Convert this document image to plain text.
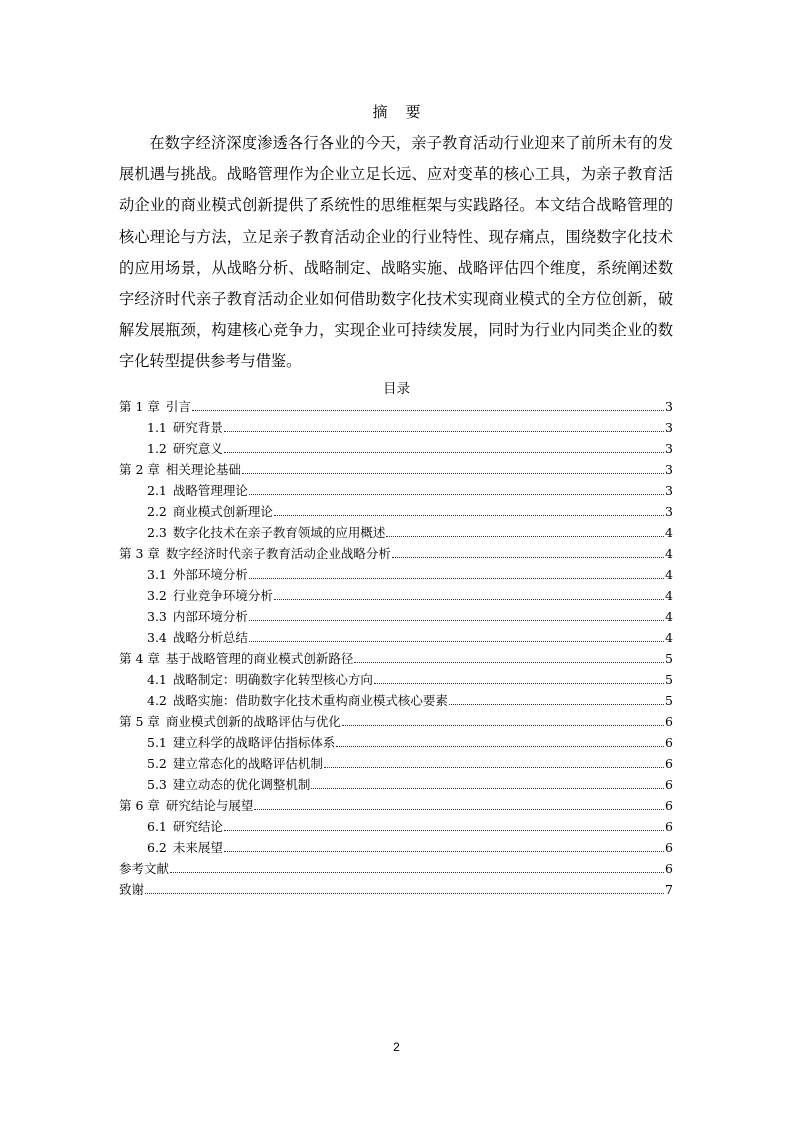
摘 要

在数字经济深度渗透各行各业的今天，亲子教育活动行业迎来了前所未有的发展机遇与挑战。战略管理作为企业立足长远、应对变革的核心工具，为亲子教育活动企业的商业模式创新提供了系统性的思维框架与实践路径。本文结合战略管理的核心理论与方法，立足亲子教育活动企业的行业特性、现存痛点，围绕数字化技术的应用场景，从战略分析、战略制定、战略实施、战略评估四个维度，系统阐述数字经济时代亲子教育活动企业如何借助数字化技术实现商业模式的全方位创新，破解发展瓶颈，构建核心竞争力，实现企业可持续发展，同时为行业内同类企业的数字化转型提供参考与借鉴。

目录
第 1 章 引言	3
1.1 研究背景	3
1.2 研究意义	3
第 2 章 相关理论基础	3
2.1 战略管理理论	3
2.2 商业模式创新理论	3
2.3 数字化技术在亲子教育领域的应用概述	4
第 3 章 数字经济时代亲子教育活动企业战略分析	4
3.1 外部环境分析	4
3.2 行业竞争环境分析	4
3.3 内部环境分析	4
3.4 战略分析总结	4
第 4 章 基于战略管理的商业模式创新路径	5
4.1 战略制定：明确数字化转型核心方向	5
4.2 战略实施：借助数字化技术重构商业模式核心要素	5
第 5 章 商业模式创新的战略评估与优化	6
5.1 建立科学的战略评估指标体系	6
5.2 建立常态化的战略评估机制	6
5.3 建立动态的优化调整机制	6
第 6 章 研究结论与展望	6
6.1 研究结论	6
6.2 未来展望	6
参考文献	6
致谢	7
2
